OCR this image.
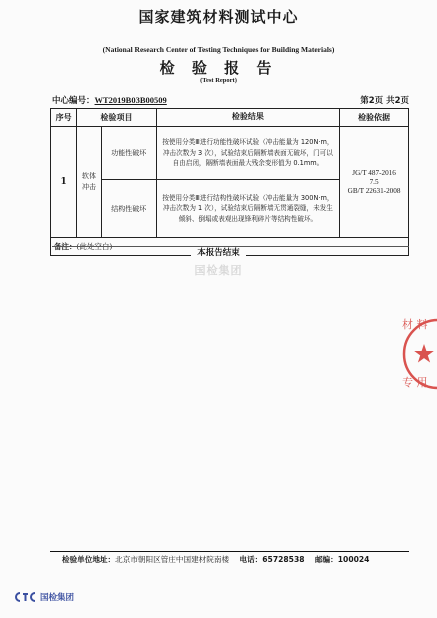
国家建筑材料测试中心
(National Research Center of Testing Techniques for Building Materials)
检 验 报 告
(Test Report)
中心编号：WT2019B03B00509	第2页 共2页
序号	检验项目		检验结果	检验依据
1	软体冲击	功能性破坏	按使用分类Ⅲ进行功能性破坏试验（冲击能量为 120N·m，冲击次数为 3 次），试验结束后隔断墙表面无破坏，门可以自由启闭，隔断墙表面最大残余变形值为 0.1mm。	JG/T 487-2016
7.5
GB/T 22631-2008

		结构性破坏	按使用分类Ⅲ进行结构性破坏试验（冲击能量为 300N·m，冲击次数为 1 次），试验结束后隔断墙无贯通裂缝，未发生倾斜、倒塌或表观出现锋利碎片等结构性破坏。	
备注：(此处空白)				
本报告结束
国检集团
材 料
专 用
检验单位地址：北京市朝阳区管庄中国建材院南楼 电话：65728538 邮编：100024
国检集团
